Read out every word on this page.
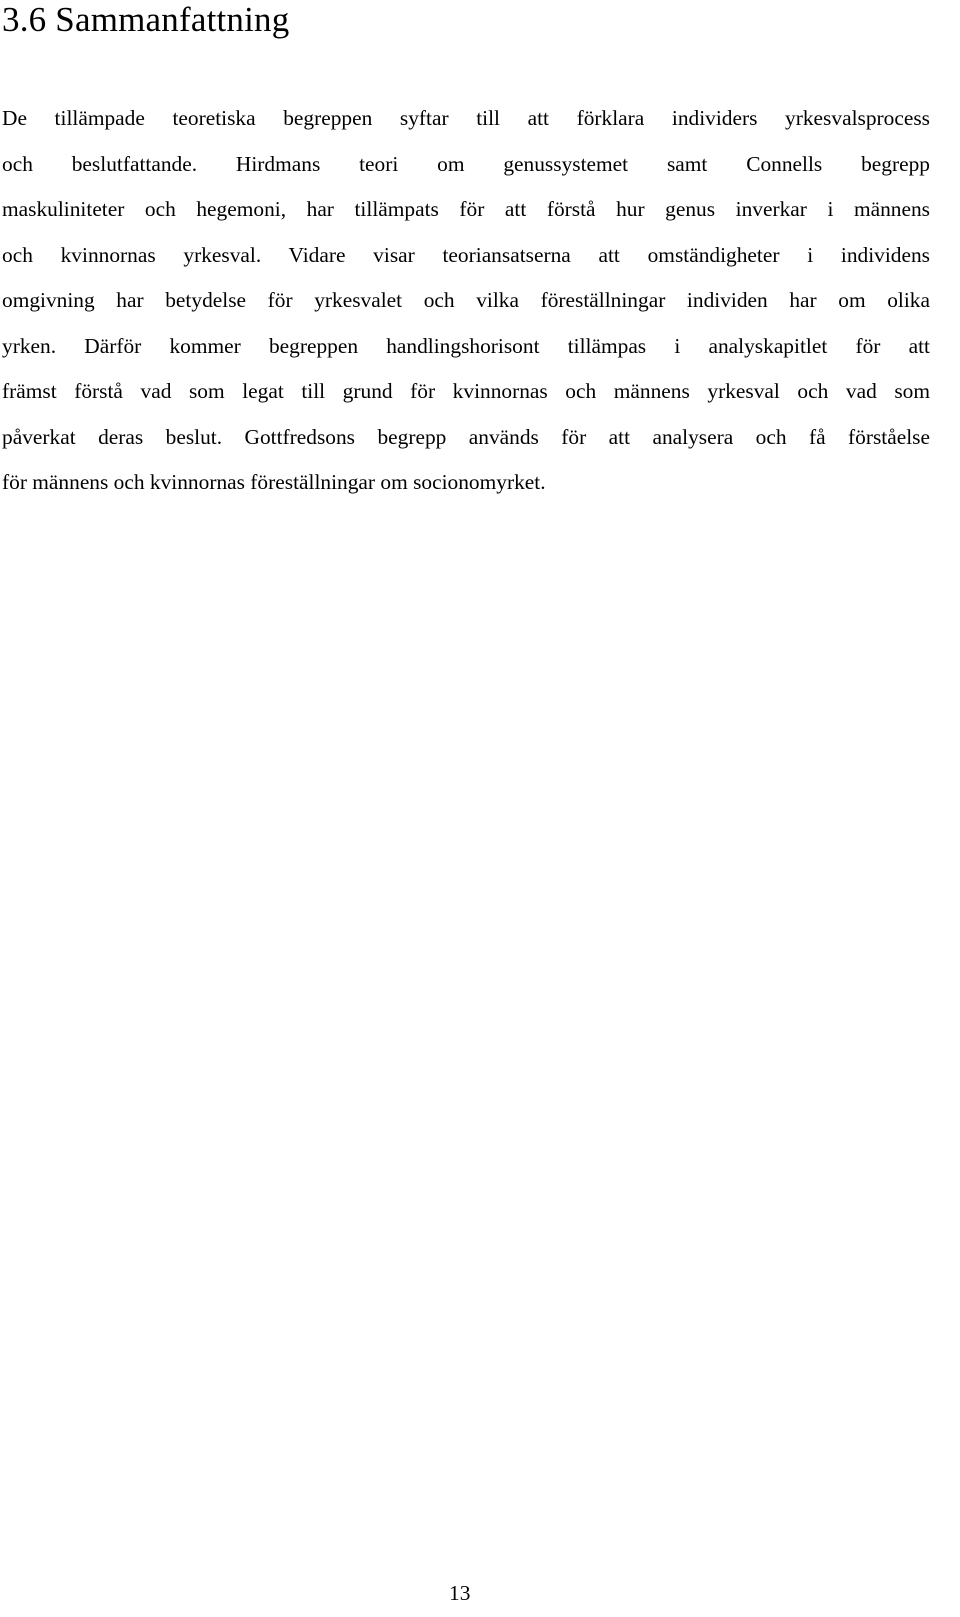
3.6 Sammanfattning
De tillämpade teoretiska begreppen syftar till att förklara individers yrkesvalsprocess
och beslutfattande. Hirdmans teori om genussystemet samt Connells begrepp
maskuliniteter och hegemoni, har tillämpats för att förstå hur genus inverkar i männens
och kvinnornas yrkesval. Vidare visar teoriansatserna att omständigheter i individens
omgivning har betydelse för yrkesvalet och vilka föreställningar individen har om olika
yrken. Därför kommer begreppen handlingshorisont tillämpas i analyskapitlet för att
främst förstå vad som legat till grund för kvinnornas och männens yrkesval och vad som
påverkat deras beslut. Gottfredsons begrepp används för att analysera och få förståelse
för männens och kvinnornas föreställningar om socionomyrket.
13
